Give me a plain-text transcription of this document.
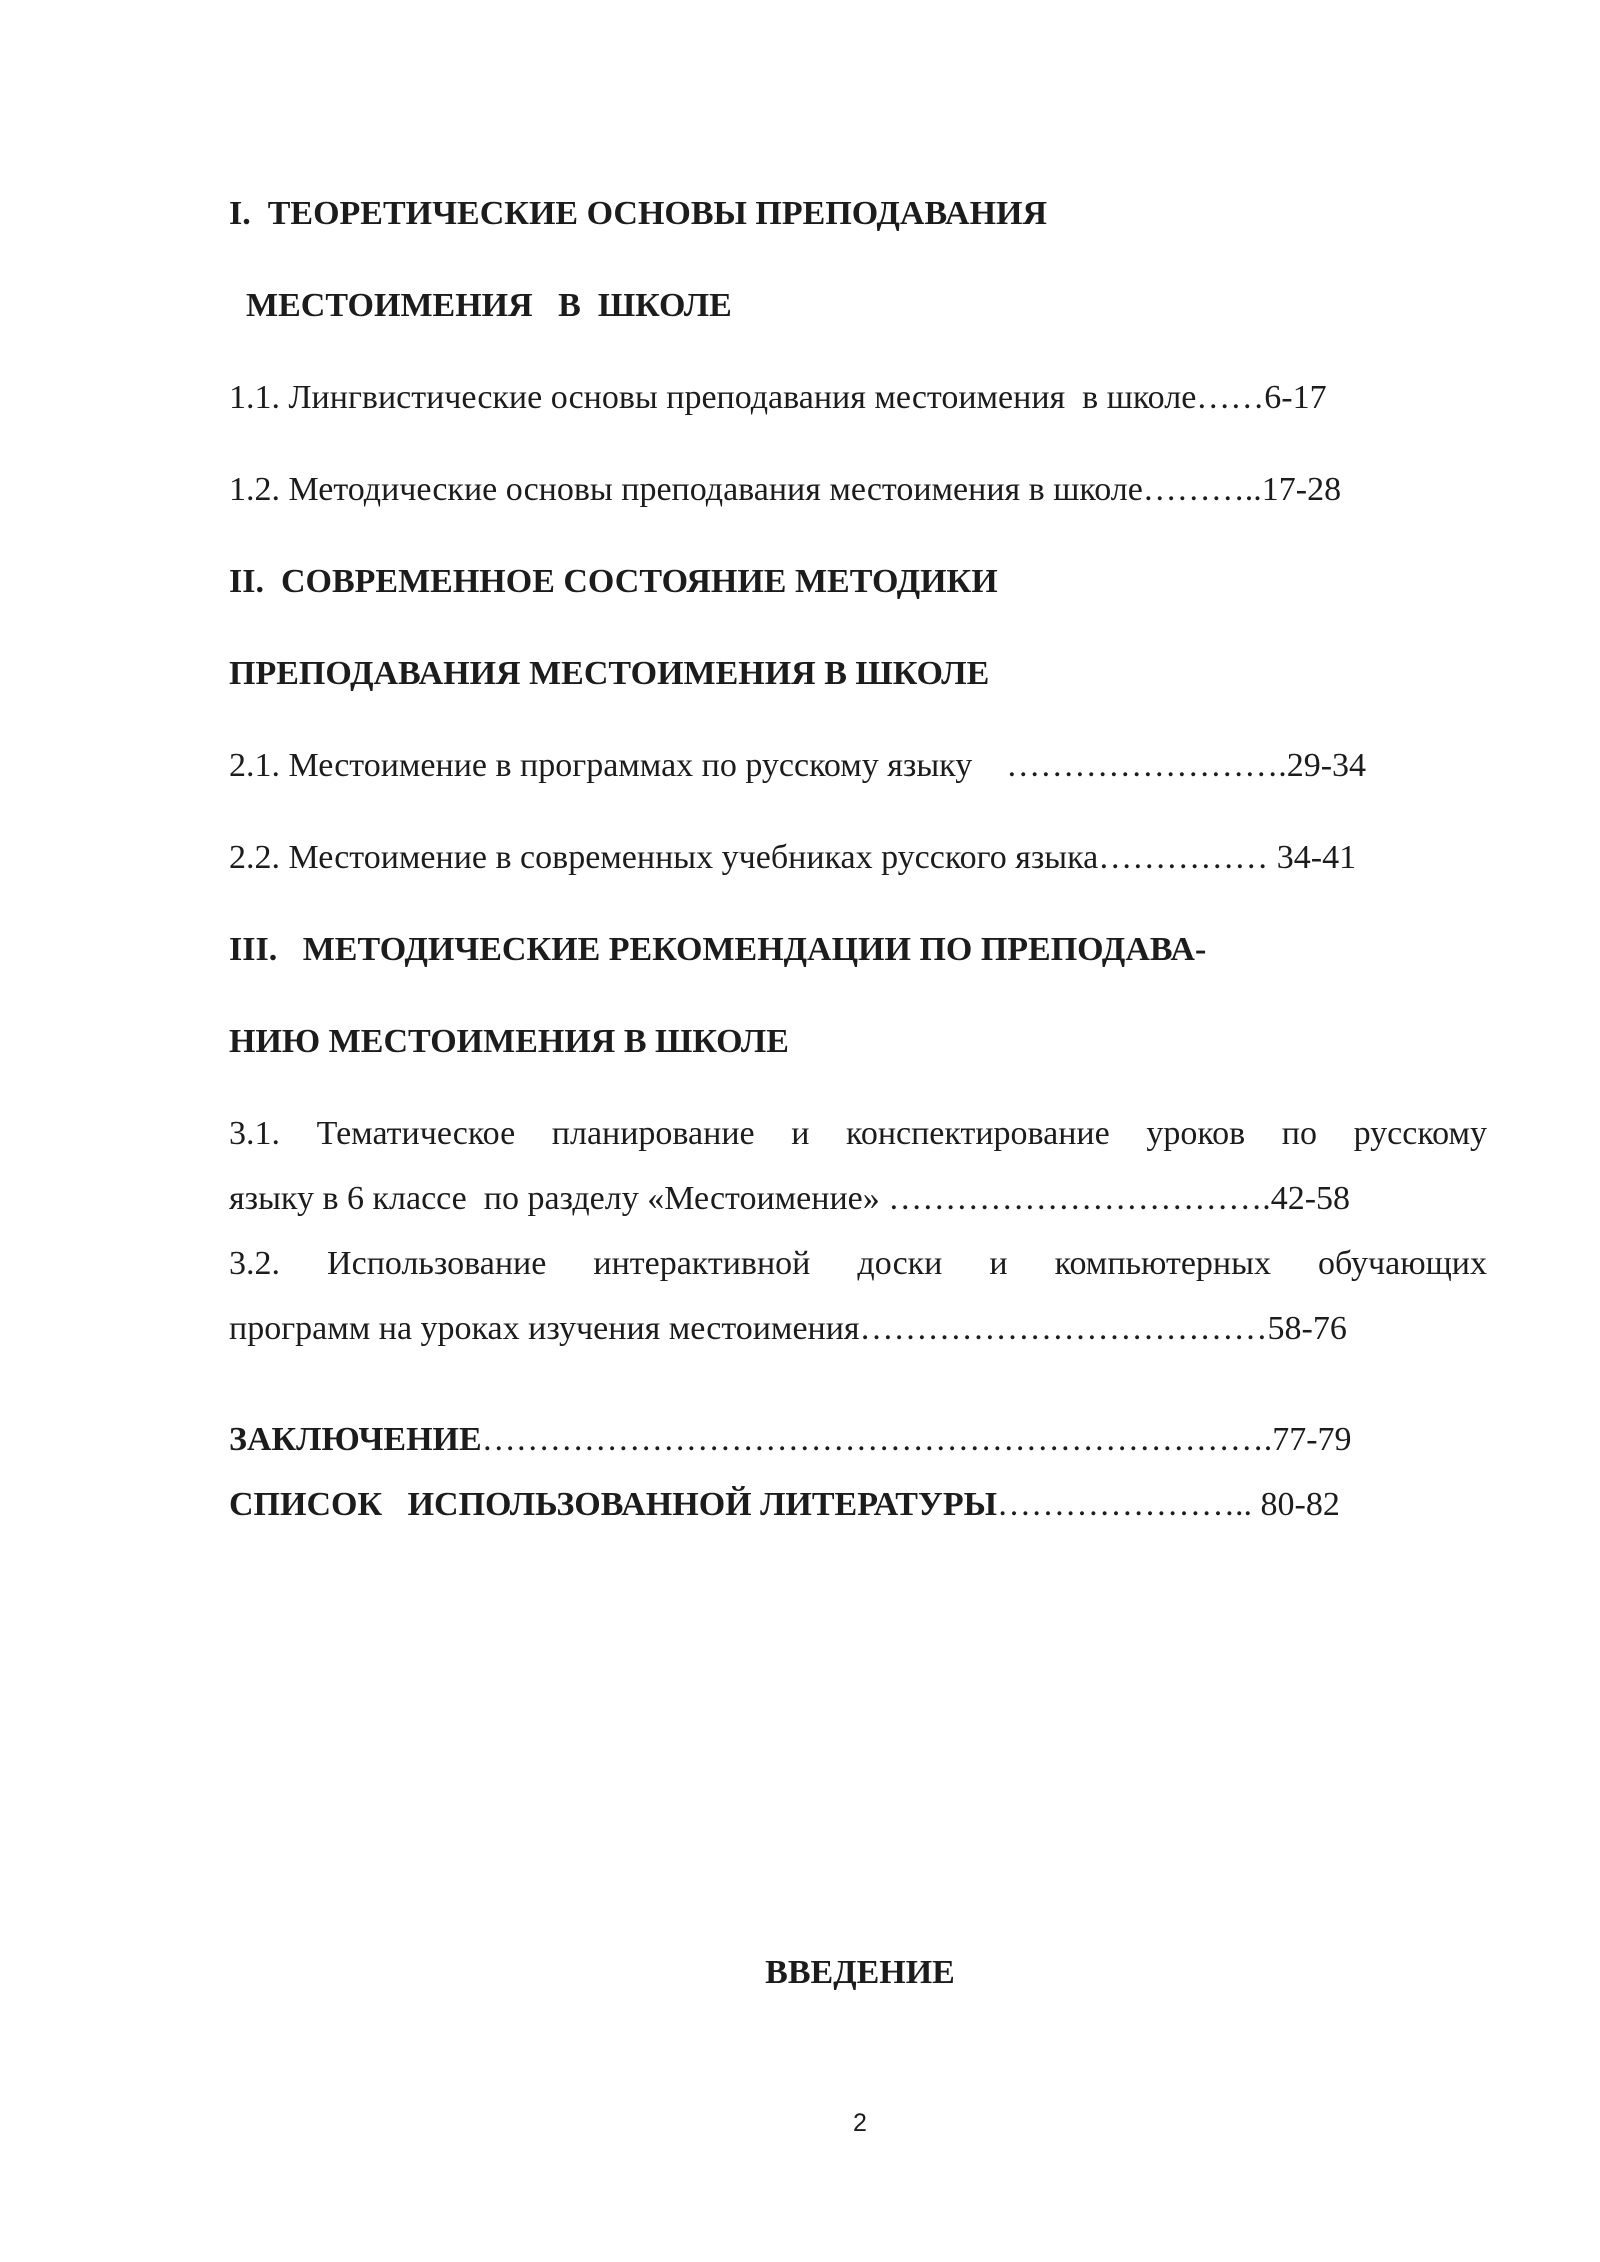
I.  ТЕОРЕТИЧЕСКИЕ ОСНОВЫ ПРЕПОДАВАНИЯ
МЕСТОИМЕНИЯ   В  ШКОЛЕ
1.1. Лингвистические основы преподавания местоимения  в школе……6-17
1.2. Методические основы преподавания местоимения в школе………..17-28
II.  СОВРЕМЕННОЕ СОСТОЯНИЕ МЕТОДИКИ
ПРЕПОДАВАНИЯ МЕСТОИМЕНИЯ В ШКОЛЕ
2.1. Местоимение в программах по русскому языку    …………………….29-34
2.2. Местоимение в современных учебниках русского языка…………… 34-41
III.   МЕТОДИЧЕСКИЕ РЕКОМЕНДАЦИИ ПО ПРЕПОДАВА-
НИЮ МЕСТОИМЕНИЯ В ШКОЛЕ
3.1. Тематическое планирование и конспектирование уроков по русскому
языку в 6 классе  по разделу «Местоимение» …………………………….42-58
3.2. Использование интерактивной доски и компьютерных обучающих
программ на уроках изучения местоимения………………………………58-76
ЗАКЛЮЧЕНИЕ…………………………………………………………….77-79
СПИСОК   ИСПОЛЬЗОВАННОЙ ЛИТЕРАТУРЫ………………….. 80-82
ВВЕДЕНИЕ
2
